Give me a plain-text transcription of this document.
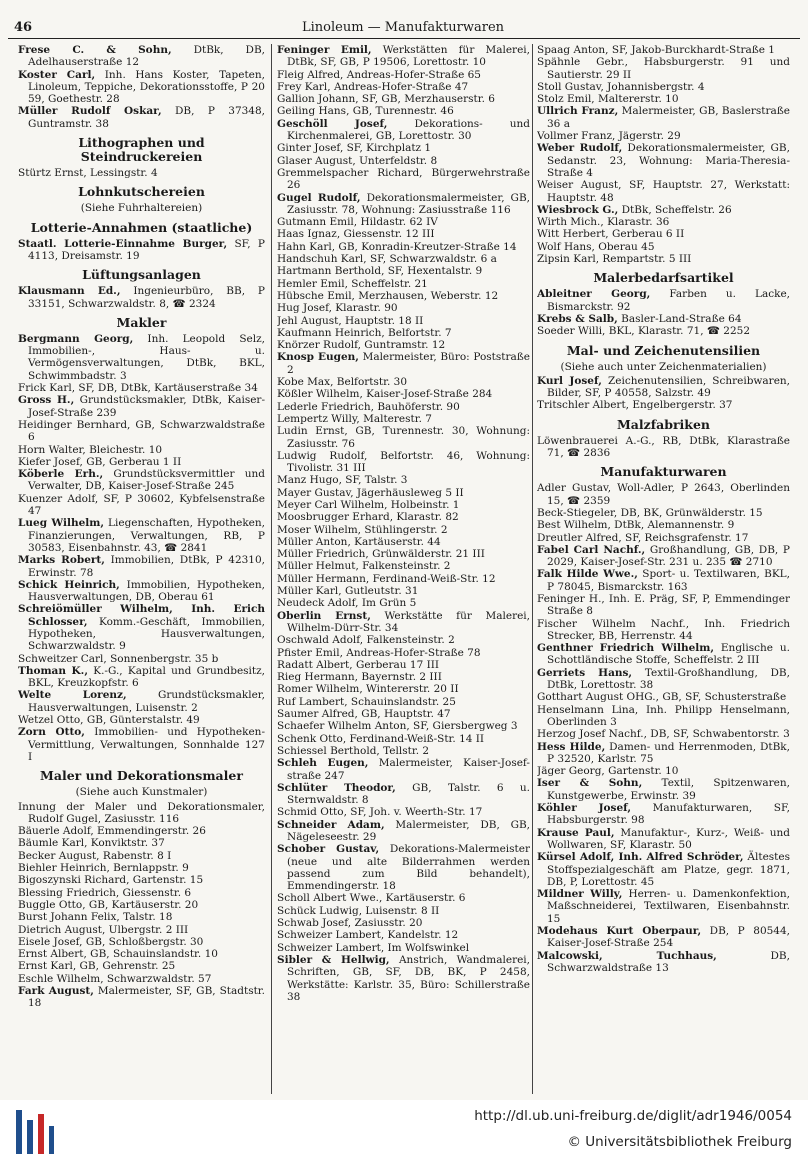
46	Linoleum — Manufakturwaren

Frese C. & Sohn, DtBk, DB, Adelhauserstraße 12

Koster Carl, Inh. Hans Koster, Tapeten, Linoleum, Teppiche, Dekorationsstoffe, P 20 59, Goethestr. 28

Müller Rudolf Oskar, DB, P 37348, Guntramstr. 38

Lithographen und Steindruckereien

Stürtz Ernst, Lessingstr. 4

Lohnkutschereien
(Siehe Fuhrhaltereien)
Lotterie-Annahmen (staatliche)

Staatl. Lotterie-Einnahme Burger, SF, P 4113, Dreisamstr. 19

Lüftungsanlagen

Klausmann Ed., Ingenieurbüro, BB, P 33151, Schwarzwaldstr. 8, ☎ 2324

Makler

Bergmann Georg, Inh. Leopold Selz, Immobilien-, Haus- u. Vermögensverwaltungen, DtBk, BKL, Schwimmbadstr. 3

Frick Karl, SF, DB, DtBk, Kartäuserstraße 34

Gross H., Grundstücksmakler, DtBk, Kaiser-Josef-Straße 239

Heidinger Bernhard, GB, Schwarzwaldstraße 6

Horn Walter, Bleichestr. 10

Kiefer Josef, GB, Gerberau 1 II

Köberle Erh., Grundstücksvermittler und Verwalter, DB, Kaiser-Josef-Straße 245

Kuenzer Adolf, SF, P 30602, Kybfelsenstraße 47

Lueg Wilhelm, Liegenschaften, Hypotheken, Finanzierungen, Verwaltungen, RB, P 30583, Eisenbahnstr. 43, ☎ 2841

Marks Robert, Immobilien, DtBk, P 42310, Erwinstr. 78

Schick Heinrich, Immobilien, Hypotheken, Hausverwaltungen, DB, Oberau 61

Schreiömüller Wilhelm, Inh. Erich Schlosser, Komm.-Geschäft, Immobilien, Hypotheken, Hausverwaltungen, Schwarzwaldstr. 9

Schweitzer Carl, Sonnenbergstr. 35 b

Thoman K., K.-G., Kapital und Grundbesitz, BKL, Kreuzkopfstr. 6

Welte Lorenz,	Grundstücksmakler, Hausverwaltungen, Luisenstr. 2

Wetzel Otto, GB, Günterstalstr. 49

Zorn Otto, Immobilien- und Hypotheken-Vermittlung, Verwaltungen, Sonnhalde 127 I

Maler und Dekorationsmaler
(Siehe auch Kunstmaler)

Innung der Maler und Dekorationsmaler, Rudolf Gugel, Zasiusstr. 116

Bäuerle Adolf, Emmendingerstr. 26

Bäumle Karl, Konviktstr. 37

Becker August, Rabenstr. 8 I

Biehler Heinrich, Bernlappstr. 9

Bigoszynski Richard, Gartenstr. 15

Blessing Friedrich, Giessenstr. 6

Buggle Otto, GB, Kartäuserstr. 20

Burst Johann Felix, Talstr. 18

Dietrich August, Ulbergstr. 2 III

Eisele Josef, GB, Schloßbergstr. 30

Ernst Albert, GB, Schauinslandstr. 10

Ernst Karl, GB, Gehrenstr. 25

Eschle Wilhelm, Schwarzwaldstr. 57

Fark August, Malermeister, SF, GB, Stadtstr. 18

Feninger Emil, Werkstätten für Malerei, DtBk, SF, GB, P 19506, Lorettostr. 10

Fleig Alfred, Andreas-Hofer-Straße 65

Frey Karl, Andreas-Hofer-Straße 47

Gallion Johann, SF, GB, Merzhauserstr. 6

Geiling Hans, GB, Turennestr. 46

Geschöll Josef,	Dekorations- und Kirchenmalerei, GB, Lorettostr. 30

Ginter Josef, SF, Kirchplatz 1

Glaser August, Unterfeldstr. 8

Gremmelspacher Richard, Bürgerwehrstraße 26

Gugel Rudolf, Dekorationsmalermeister, GB, Zasiusstr. 78, Wohnung: Zasiusstraße 116

Gutmann Emil, Hildastr. 62 IV

Haas Ignaz, Giessenstr. 12 III

Hahn Karl, GB, Konradin-Kreutzer-Straße 14

Handschuh Karl, SF, Schwarzwaldstr. 6 a

Hartmann Berthold, SF, Hexentalstr. 9

Hemler Emil, Scheffelstr. 21

Hübsche Emil, Merzhausen, Weberstr. 12

Hug Josef, Klarastr. 90

Jehl August, Hauptstr. 18 II

Kaufmann Heinrich, Belfortstr. 7

Knörzer Rudolf, Guntramstr. 12

Knosp Eugen, Malermeister, Büro: Poststraße 2

Kobe Max, Belfortstr. 30

Kößler Wilhelm, Kaiser-Josef-Straße 284

Lederle Friedrich, Bauhöferstr. 90

Lempertz Willy, Malterestr. 7

Ludin Ernst, GB, Turennestr. 30, Wohnung: Zasiusstr. 76

Ludwig Rudolf, Belfortstr. 46, Wohnung: Tivolistr. 31 III

Manz Hugo, SF, Talstr. 3

Mayer Gustav, Jägerhäusleweg 5 II

Meyer Carl Wilhelm, Holbeinstr. 1

Moosbrugger Erhard, Klarastr. 82

Moser Wilhelm, Stühlingerstr. 2

Müller Anton, Kartäuserstr. 44

Müller Friedrich, Grünwälderstr. 21 III

Müller Helmut, Falkensteinstr. 2

Müller Hermann, Ferdinand-Weiß-Str. 12

Müller Karl, Gutleutstr. 31

Neudeck Adolf, Im Grün 5

Oberlin Ernst, Werkstätte für Malerei, Wilhelm-Dürr-Str. 34

Oschwald Adolf, Falkensteinstr. 2

Pfister Emil, Andreas-Hofer-Straße 78

Radatt Albert, Gerberau 17 III

Rieg Hermann, Bayernstr. 2 III

Romer Wilhelm, Wintererstr. 20 II

Ruf Lambert, Schauinslandstr. 25

Saumer Alfred, GB, Hauptstr. 47

Schaefer Wilhelm Anton, SF, Giersbergweg 3

Schenk Otto, Ferdinand-Weiß-Str. 14 II

Schiessel Berthold, Tellstr. 2

Schleh Eugen, Malermeister, Kaiser-Josef-straße 247

Schlüter Theodor, GB, Talstr. 6 u. Sternwaldstr. 8

Schmid Otto, SF, Joh. v. Weerth-Str. 17

Schneider Adam, Malermeister, DB, GB, Nägeleseestr. 29

Schober Gustav, Dekorations-Malermeister (neue und alte Bilderrahmen werden passend zum Bild behandelt), Emmendingerstr. 18

Scholl Albert Wwe., Kartäuserstr. 6

Schück Ludwig, Luisenstr. 8 II

Schwab Josef, Zasiusstr. 20

Schweizer Lambert, Kandelstr. 12

Schweizer Lambert, Im Wolfswinkel

Sibler & Hellwig, Anstrich, Wandmalerei, Schriften, GB, SF, DB, BK, P 2458, Werkstätte: Karlstr. 35, Büro: Schillerstraße 38

Spaag Anton, SF, Jakob-Burckhardt-Straße 1

Spähnle Gebr., Habsburgerstr. 91 und Sautierstr. 29 II

Stoll Gustav, Johannisbergstr. 4

Stolz Emil, Maltererstr. 10

Ullrich Franz, Malermeister, GB, Baslerstraße 36 a

Vollmer Franz, Jägerstr. 29

Weber Rudolf, Dekorationsmalermeister, GB, Sedanstr. 23, Wohnung: Maria-Theresia-Straße 4

Weiser August, SF, Hauptstr. 27, Werkstatt: Hauptstr. 48

Wiesbrock G., DtBk, Scheffelstr. 26

Wirth Mich., Klarastr. 36

Witt Herbert, Gerberau 6 II

Wolf Hans, Oberau 45

Zipsin Karl, Rempartstr. 5 III

Malerbedarfsartikel

Ableitner Georg, Farben u. Lacke, Bismarckstr. 92

Krebs & Salb, Basler-Land-Straße 64

Soeder Willi, BKL, Klarastr. 71, ☎ 2252

Mal- und Zeichenutensilien
(Siehe auch unter Zeichenmaterialien)

Kurl Josef, Zeichenutensilien, Schreibwaren, Bilder, SF, P 40558, Salzstr. 49

Tritschler Albert, Engelbergerstr. 37

Malzfabriken

Löwenbrauerei A.-G., RB, DtBk, Klarastraße 71, ☎ 2836

Manufakturwaren

Adler Gustav, Woll-Adler, P 2643, Oberlinden 15, ☎ 2359

Beck-Stiegeler, DB, BK, Grünwälderstr. 15

Best Wilhelm, DtBk, Alemannenstr. 9

Dreutler Alfred, SF, Reichsgrafenstr. 17

Fabel Carl Nachf., Großhandlung, GB, DB, P 2029, Kaiser-Josef-Str. 231 u. 235 ☎ 2710

Falk Hilde Wwe., Sport- u. Textilwaren, BKL, P 78045, Bismarckstr. 163

Feninger H., Inh. E. Präg, SF, P, Emmendinger Straße 8

Fischer Wilhelm Nachf., Inh. Friedrich Strecker, BB, Herrenstr. 44

Genthner Friedrich Wilhelm, Englische u. Schottländische Stoffe, Scheffelstr. 2 III

Gerriets Hans, Textil-Großhandlung, DB, DtBk, Lorettostr. 38

Gotthart August OHG., GB, SF, Schusterstraße

Henselmann Lina, Inh. Philipp Henselmann, Oberlinden 3

Herzog Josef Nachf., DB, SF, Schwabentorstr. 3

Hess Hilde, Damen- und Herrenmoden, DtBk, P 32520, Karlstr. 75

Jäger Georg, Gartenstr. 10

Iser & Sohn, Textil, Spitzenwaren, Kunstgewerbe, Erwinstr. 39

Köhler Josef, Manufakturwaren, SF, Habsburgerstr. 98

Krause Paul, Manufaktur-, Kurz-, Weiß- und Wollwaren, SF, Klarastr. 50

Kürsel Adolf, Inh. Alfred Schröder, Ältestes Stoffspezialgeschäft am Platze, gegr. 1871, DB, P, Lorettostr. 45

Mildner Willy, Herren- u. Damenkonfektion, Maßschneiderei, Textilwaren, Eisenbahnstr. 15

Modehaus Kurt Oberpaur, DB, P 80544, Kaiser-Josef-Straße 254

Malcowski, Tuchhaus,	DB, Schwarzwaldstraße 13

http://dl.ub.uni-freiburg.de/diglit/adr1946/0054
© Universitätsbibliothek Freiburg
